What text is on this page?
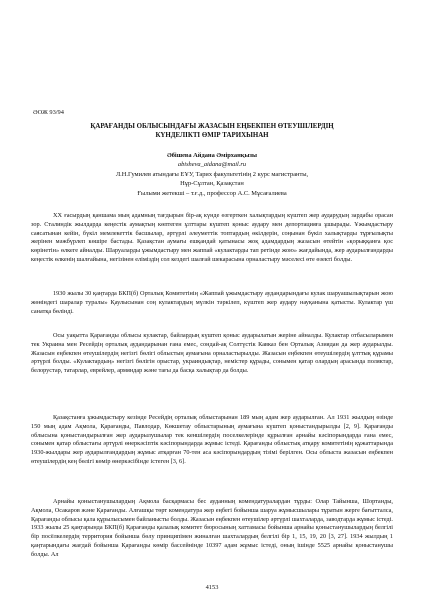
ӘОЖ 93/94
ҚАРАҒАНДЫ ОБЛЫСЫНДАҒЫ ЖАЗАСЫН ЕҢБЕКПЕН ӨТЕУШІЛЕРДІҢ
КҮНДЕЛІКТІ ӨМІР ТАРИХЫНАН
Әбішева Айдана Әмірханқызы
abisheva_aidana@mail.ru
Л.Н.Гумилев атындағы ЕҰУ, Тарих факультетінің 2 курс магистранты,
Нұр-Сұлтан, Қазақстан
Ғылыми жетекші – т.ғ.д., профессор А.С. Мұсағалиева

ХХ ғасырдың қаншама мың адамның тағдырын бір-ақ күнде өзгерткен халықтардың күштеп жер аударудың зардабы орасан зор. Сталиндік жылдарда кеңестік аумақтың көптеген ұлттары күштеп қоныс аудару мен депортацияға ұшырады. Ұжымдастыру саясатынан кейін, бүкіл мемлекеттік басшылар, әртүрлі әлеуметтік топтардың өкілдерін, соңынан бүкіл халықтарды тұрғылықты жерінен мәжбүрлеп көшіре бастады. Қазақстан аумағы ешқандай қатынасы жоқ адамдардың жазасын өтейтін «қорыққанға қос көрінетін» өлкеге айналды. Шаруаларды ұжымдастыру мен жаппай «кулактарды тап ретінде жою» жағдайында, жер аударылғандарды кеңестік өлкенің шалғайына, негізінен еліміздің сол кездегі шалғай шекарасына орналастыру мәселесі өте өзекті болды.

1930 жылы 30 қаңтарда БКП(б) Орталық Комитетінің «Жаппай ұжымдастыру аудандарындағы кулак шаруашылықтарын жою жөніндегі шаралар туралы» Қаулысынан соң кулактардың мүлкін тәркілеп, күштеп жер аудару науқанына қатысты. Кулактар үш санатқа бөлінді.

Осы уақытта Қарағанды облысы кулактар, байлардың күштеп қоныс аударылатын жеріне айналды. Кулактар отбасыларымен тек Украина мен Ресейдің орталық аудандарынан ғана емес, сондай-ақ Солтүстік Кавказ бен Орталық Азиядан да жер аударылды. Жазасын еңбекпен өтеушілердің негізгі бөлігі облыстың аумағына орналастырылды. Жазасын еңбекпен өтеушілердің ұлттық құрамы әртүрлі болды. «Кулактардың» негізгі бөлігін орыстар, украиндықтар, немістер құрады, сонымен қатар олардың арасында поляктар, белорустар, татарлар, еврейлер, армяндар және тағы да басқа халықтар да болды.

Қазақстанға ұжымдастыру кезінде Ресейдің орталық облыстарынан 189 мың адам жер аударылған. Ал 1931 жылдың өзінде 150 мың адам Ақмола, Қарағанды, Павлодар, Көкшетау облыстарының аумағына күштеп қоныстандырылды [2, 9]. Қарағанды облысына қоныстандырылған жер аударылушылар тек кеншілердің поселкелерінде құрылған арнайы кәсіпорындарда ғана емес, сонымен қатар облыстағы әртүрлі өнеркәсіптік кәсіпорындарда жұмыс істеді. Қарағанды облыстық атқару комитетінің құжаттарында 1930-жылдары жер аударылғандардың жұмыс атқарған 70-тен аса кәсіпорындардың тізімі берілген. Осы облыста жазасын еңбекпен өтеушілердің кең бөлігі көмір өнеркәсібінде істеген [3, 6].

Арнайы қоныстанушылардың Ақмола басқармасы бес ауданның комендатуралардан тұрды: Олар Тайынша, Шортанды, Ақмола, Осакаров және Қарағанды. Алғашқы төрт комендатура жер еңбегі бойынша шаруа жұмысшылары тұратын жерге бағытталса, Қарағанды облысы қала құрылысымен байланысты болды. Жазасын еңбекпен өтеушілер әртүрлі шахталарда, заводтарда жұмыс істеді. 1933 жылы 25 қаңтарында БКП(б) Қарағанды қалалық комитет бюросының хаттамасы бойынша арнайы қоныстанушылардың белгілі бір посёлкелердің территория бойынша бөлу принципімен жиналған шахталардың белгілі бір 1, 15, 19, 20 [3, 27]. 1934 жылдың 1 қаңтарындағы жағдай бойынша Қарағанды көмір бассейнінде 10397 адам жұмыс істеді, оның ішінде 5525 арнайы қоныстанушы болды. Ал

4153
